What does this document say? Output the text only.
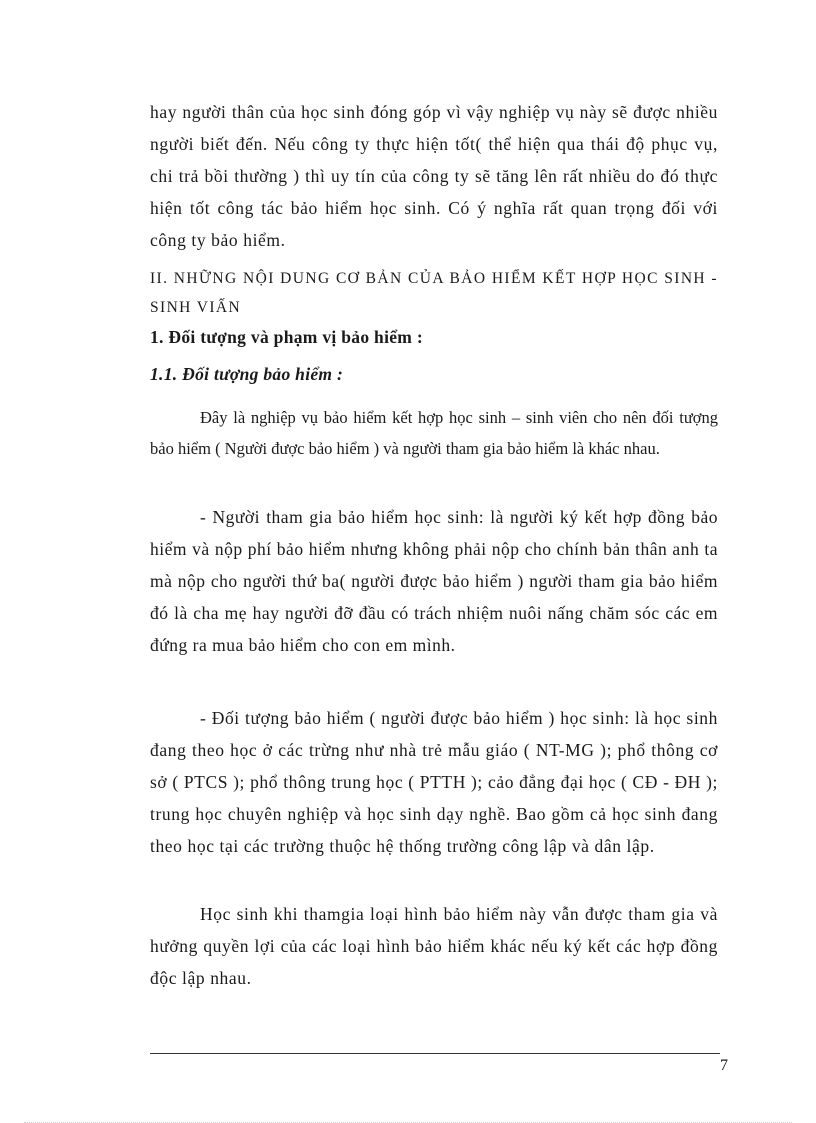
hay người thân của học sinh đóng góp vì vậy nghiệp vụ này sẽ được nhiều người biết đến. Nếu công ty thực hiện tốt( thể hiện qua thái độ phục vụ, chi trả bồi thường ) thì uy tín của công ty sẽ tăng lên rất nhiều do đó thực hiện tốt công tác bảo hiểm học sinh. Có ý nghĩa rất quan trọng đối với công ty bảo hiểm.

II. NHỮNG NỘI DUNG CƠ BẢN CỦA BẢO HIỂM KẾT HỢP HỌC SINH - SINH VIẤN

1. Đối tượng và phạm vị bảo hiểm :

1.1. Đối tượng bảo hiểm :

Đây là nghiệp vụ bảo hiểm kết hợp học sinh – sinh viên cho nên đối tượng bảo hiểm ( Người được bảo hiểm ) và người tham gia bảo hiểm là khác nhau.

- Người tham gia bảo hiểm học sinh: là người ký kết hợp đồng bảo hiểm và nộp phí bảo hiểm nhưng không phải nộp cho chính bản thân anh ta mà nộp cho người thứ ba( người được bảo hiểm ) người tham gia bảo hiểm đó là cha mẹ hay người đỡ đầu có trách nhiệm nuôi nấng chăm sóc các em đứng ra mua bảo hiểm cho con em mình.

- Đối tượng bảo hiểm ( người được bảo hiểm ) học sinh: là học sinh đang theo học ở các trừng như nhà trẻ mẫu giáo ( NT-MG ); phổ thông cơ sở ( PTCS ); phổ thông trung học ( PTTH ); cảo đẳng đại học ( CĐ - ĐH ); trung học chuyên nghiệp và học sinh dạy nghề. Bao gồm cả học sinh đang theo học tại các trường thuộc hệ thống trường công lập và dân lập.

Học sinh khi thamgia loại hình bảo hiểm này vẫn được tham gia và hưởng quyền lợi của các loại hình bảo hiểm khác nếu ký kết các hợp đồng độc lập nhau.

7
